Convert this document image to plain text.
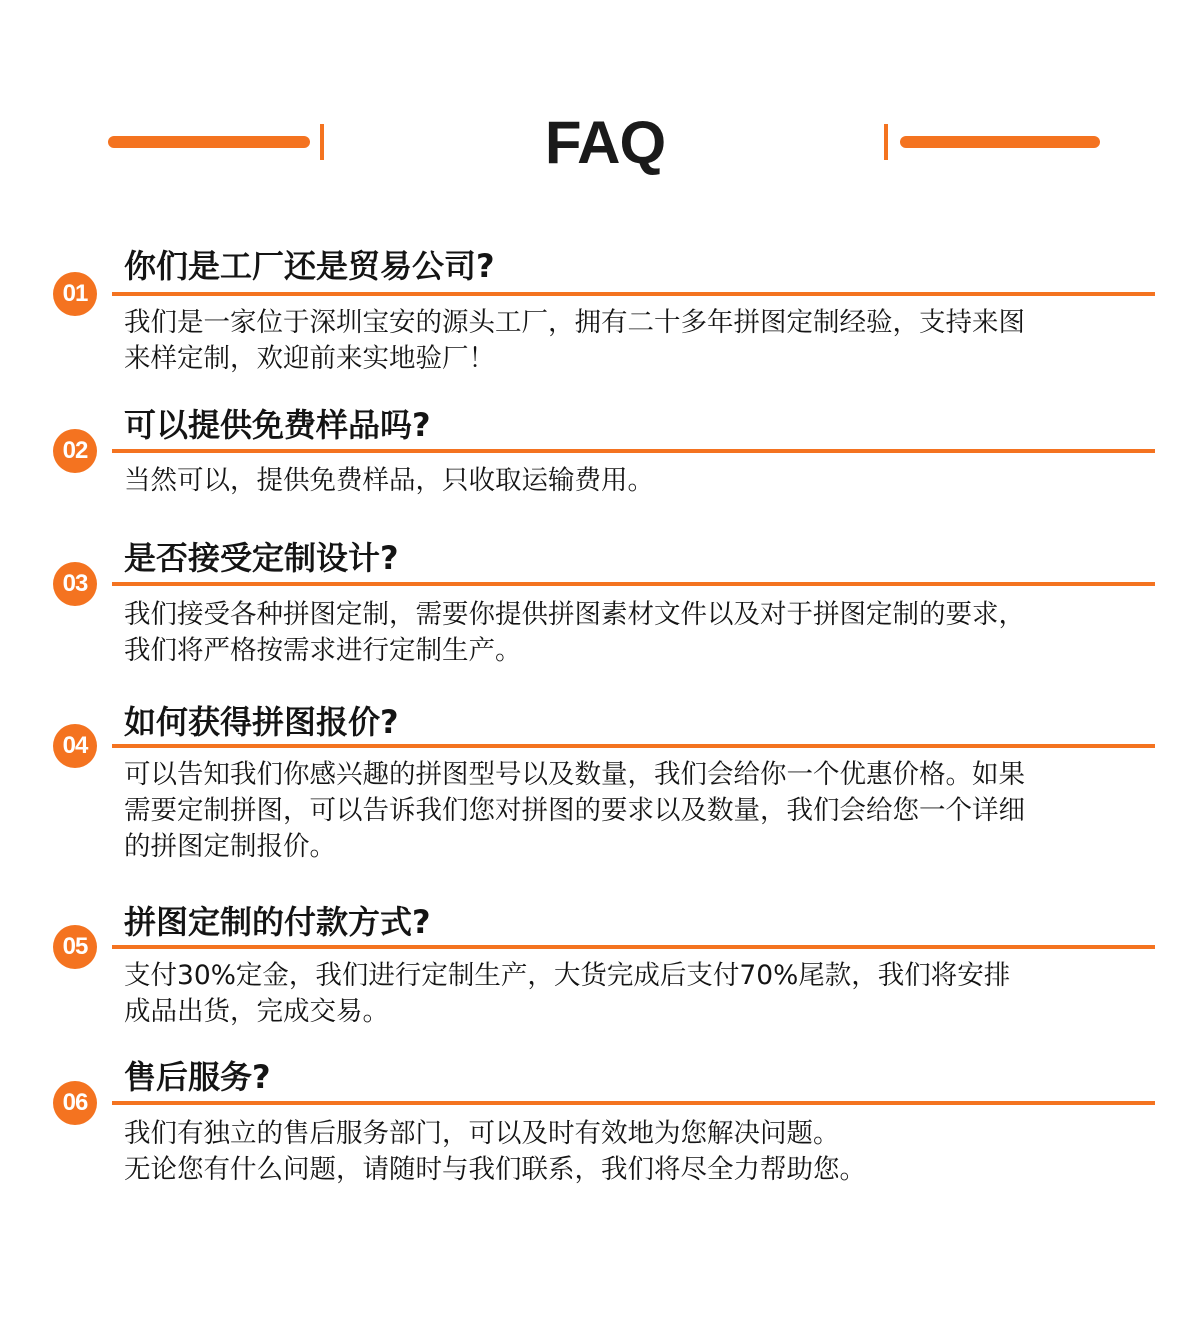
FAQ
01
你们是工厂还是贸易公司?
我们是一家位于深圳宝安的源头工厂，拥有二十多年拼图定制经验，支持来图
来样定制，欢迎前来实地验厂！
02
可以提供免费样品吗?
当然可以，提供免费样品，只收取运输费用。
03
是否接受定制设计?
我们接受各种拼图定制，需要你提供拼图素材文件以及对于拼图定制的要求，
我们将严格按需求进行定制生产。
04
如何获得拼图报价?
可以告知我们你感兴趣的拼图型号以及数量，我们会给你一个优惠价格。如果
需要定制拼图，可以告诉我们您对拼图的要求以及数量，我们会给您一个详细
的拼图定制报价。
05
拼图定制的付款方式?
支付30%定金，我们进行定制生产，大货完成后支付70%尾款，我们将安排
成品出货，完成交易。
06
售后服务?
我们有独立的售后服务部门，可以及时有效地为您解决问题。
无论您有什么问题，请随时与我们联系，我们将尽全力帮助您。
